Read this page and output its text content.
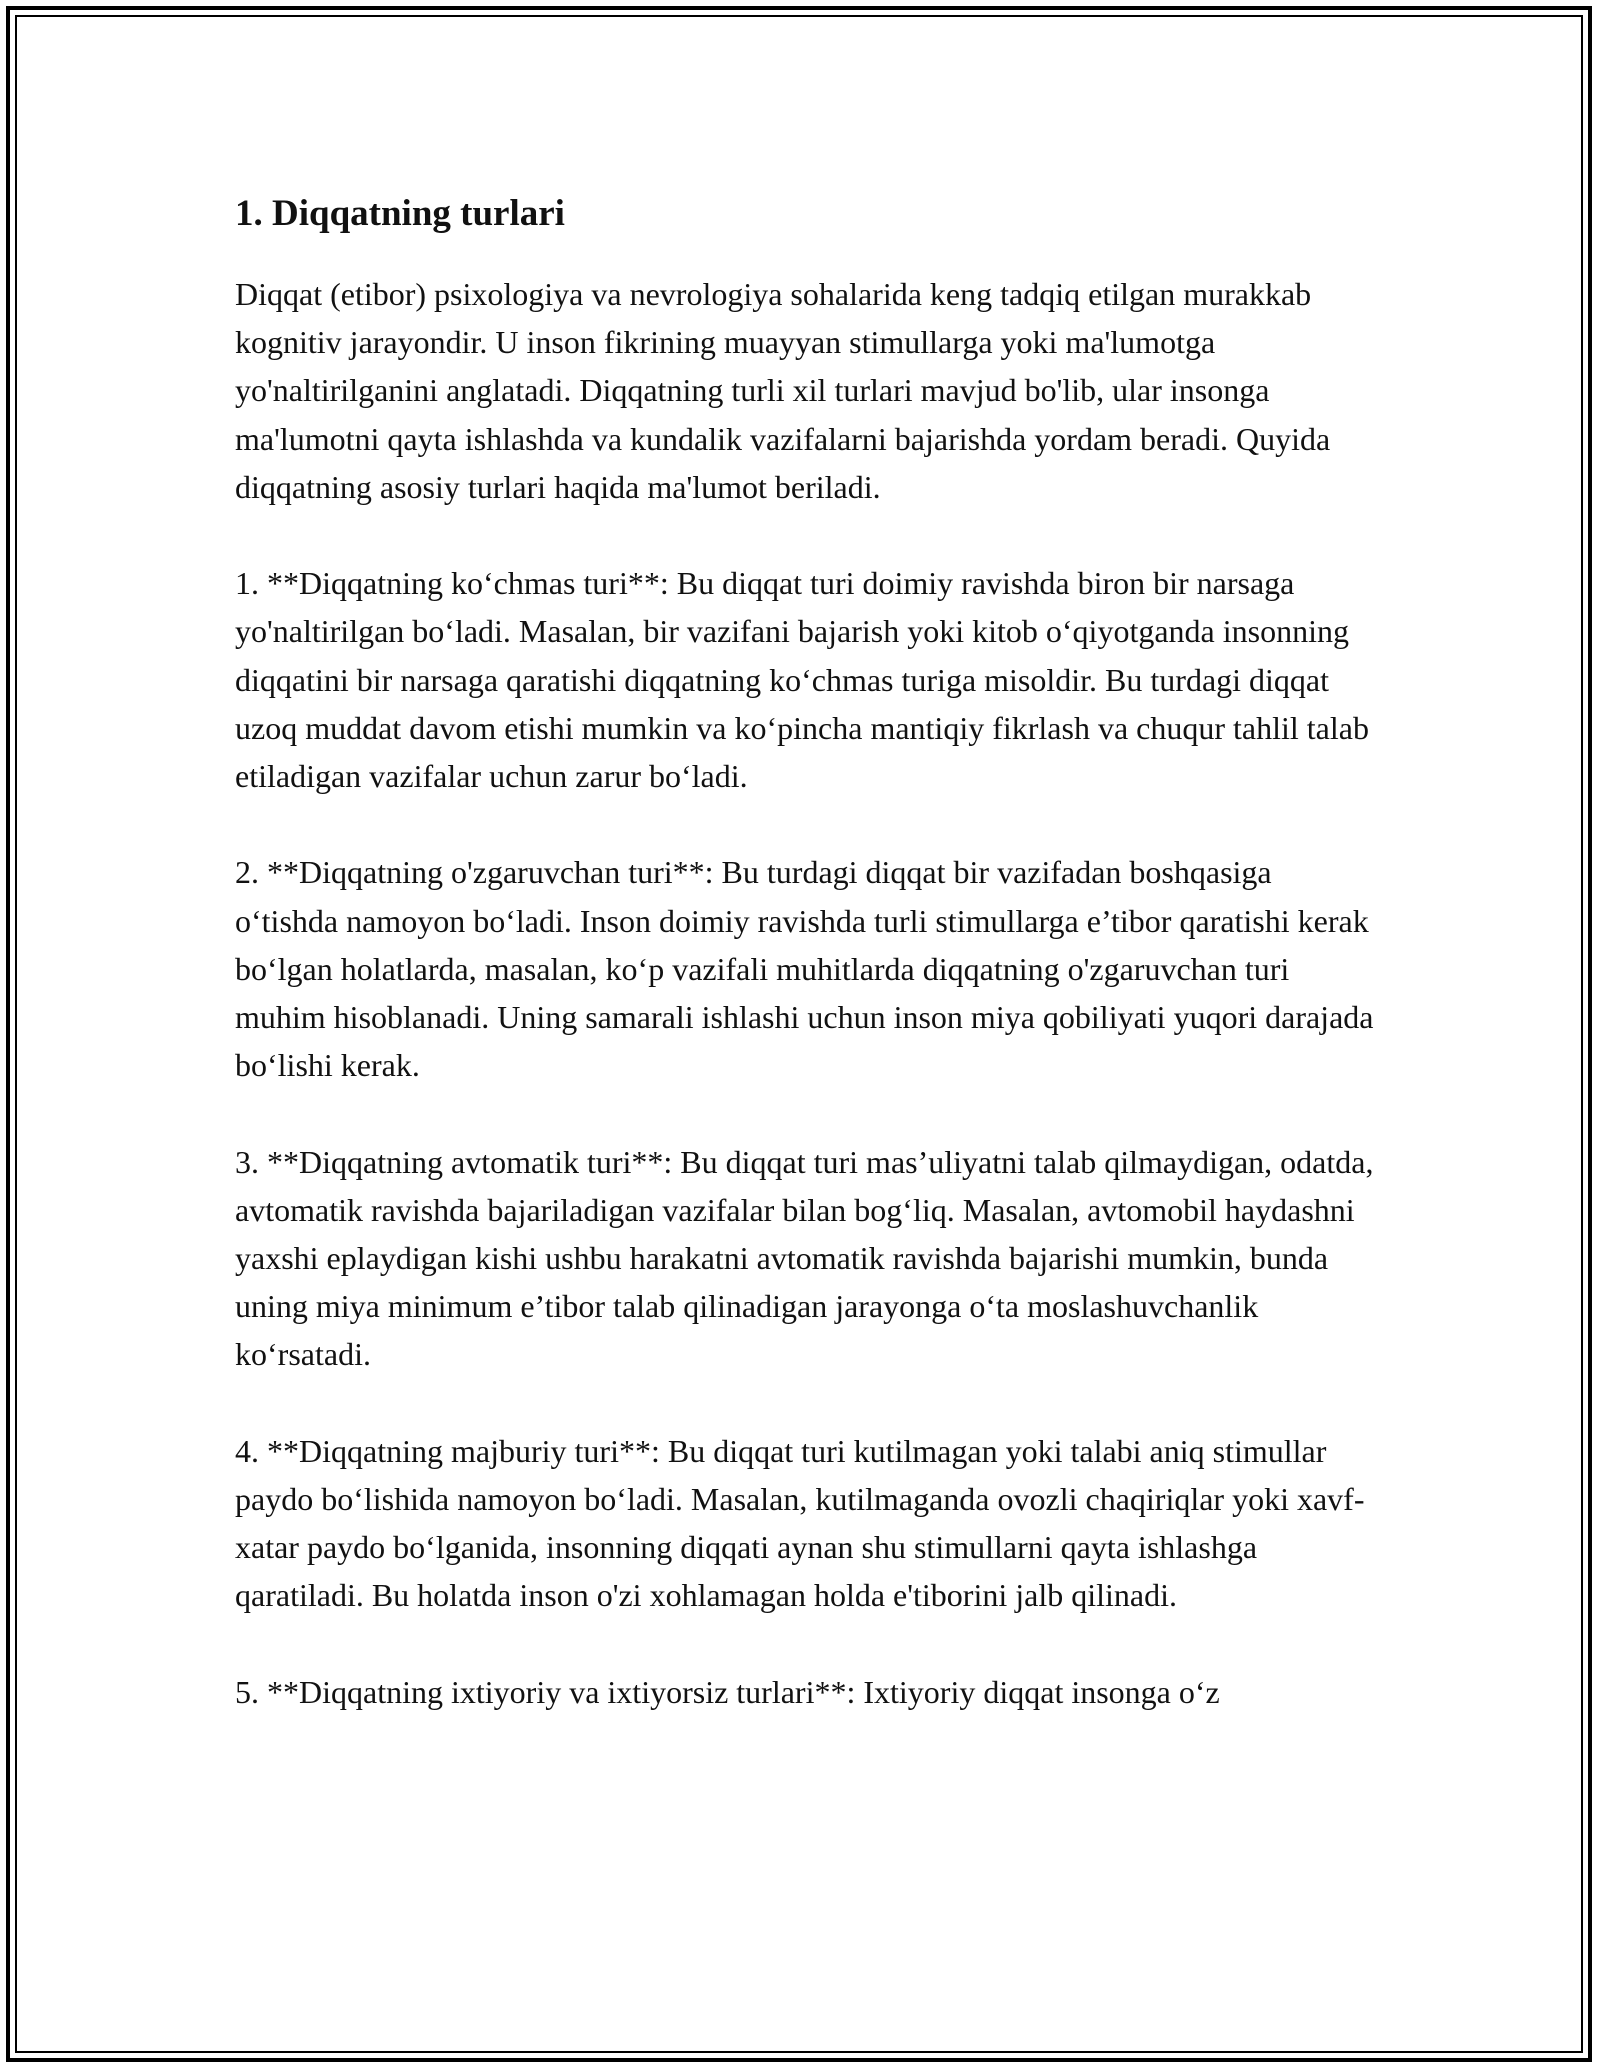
1. Diqqatning turlari

Diqqat (etibor) psixologiya va nevrologiya sohalarida keng tadqiq etilgan murakkab kognitiv jarayondir. U inson fikrining muayyan stimullarga yoki ma'lumotga yo'naltirilganini anglatadi. Diqqatning turli xil turlari mavjud bo'lib, ular insonga ma'lumotni qayta ishlashda va kundalik vazifalarni bajarishda yordam beradi. Quyida diqqatning asosiy turlari haqida ma'lumot beriladi.

1. **Diqqatning ko‘chmas turi**: Bu diqqat turi doimiy ravishda biron bir narsaga yo'naltirilgan bo‘ladi. Masalan, bir vazifani bajarish yoki kitob o‘qiyotganda insonning diqqatini bir narsaga qaratishi diqqatning ko‘chmas turiga misoldir. Bu turdagi diqqat uzoq muddat davom etishi mumkin va ko‘pincha mantiqiy fikrlash va chuqur tahlil talab etiladigan vazifalar uchun zarur bo‘ladi.

2. **Diqqatning o'zgaruvchan turi**: Bu turdagi diqqat bir vazifadan boshqasiga o‘tishda namoyon bo‘ladi. Inson doimiy ravishda turli stimullarga e’tibor qaratishi kerak bo‘lgan holatlarda, masalan, ko‘p vazifali muhitlarda diqqatning o'zgaruvchan turi muhim hisoblanadi. Uning samarali ishlashi uchun inson miya qobiliyati yuqori darajada bo‘lishi kerak.

3. **Diqqatning avtomatik turi**: Bu diqqat turi mas’uliyatni talab qilmaydigan, odatda, avtomatik ravishda bajariladigan vazifalar bilan bog‘liq. Masalan, avtomobil haydashni yaxshi eplaydigan kishi ushbu harakatni avtomatik ravishda bajarishi mumkin, bunda uning miya minimum e’tibor talab qilinadigan jarayonga o‘ta moslashuvchanlik ko‘rsatadi.

4. **Diqqatning majburiy turi**: Bu diqqat turi kutilmagan yoki talabi aniq stimullar paydo bo‘lishida namoyon bo‘ladi. Masalan, kutilmaganda ovozli chaqiriqlar yoki xavf-xatar paydo bo‘lganida, insonning diqqati aynan shu stimullarni qayta ishlashga qaratiladi. Bu holatda inson o'zi xohlamagan holda e'tiborini jalb qilinadi.

5. **Diqqatning ixtiyoriy va ixtiyorsiz turlari**: Ixtiyoriy diqqat insonga o‘z
